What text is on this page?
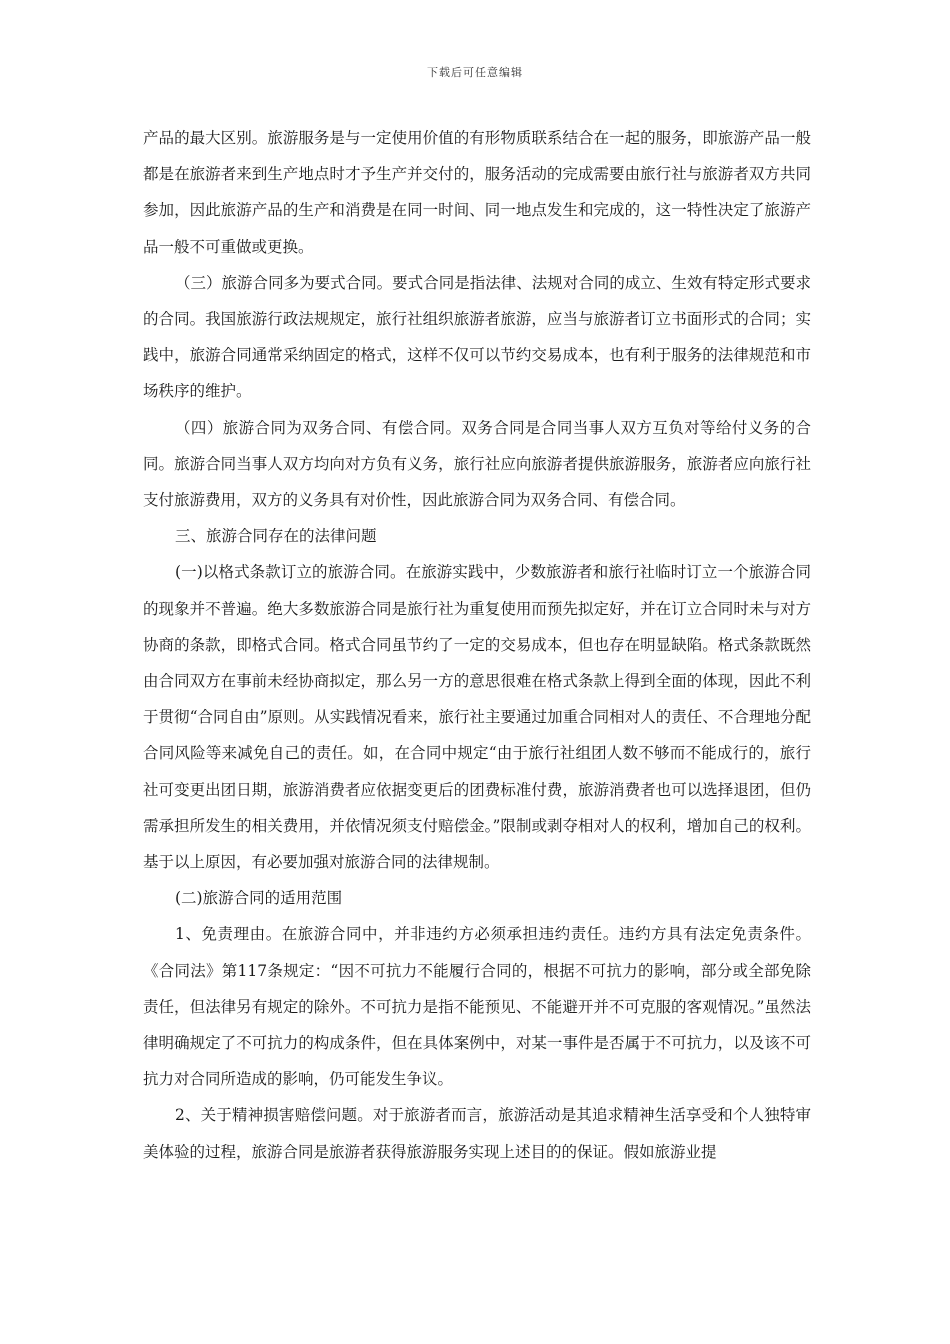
下载后可任意编辑

产品的最大区别。旅游服务是与一定使用价值的有形物质联系结合在一起的服务，即旅游产品一般都是在旅游者来到生产地点时才予生产并交付的，服务活动的完成需要由旅行社与旅游者双方共同参加，因此旅游产品的生产和消费是在同一时间、同一地点发生和完成的，这一特性决定了旅游产品一般不可重做或更换。

（三）旅游合同多为要式合同。要式合同是指法律、法规对合同的成立、生效有特定形式要求的合同。我国旅游行政法规规定，旅行社组织旅游者旅游，应当与旅游者订立书面形式的合同；实践中，旅游合同通常采纳固定的格式，这样不仅可以节约交易成本，也有利于服务的法律规范和市场秩序的维护。

（四）旅游合同为双务合同、有偿合同。双务合同是合同当事人双方互负对等给付义务的合同。旅游合同当事人双方均向对方负有义务，旅行社应向旅游者提供旅游服务，旅游者应向旅行社支付旅游费用，双方的义务具有对价性，因此旅游合同为双务合同、有偿合同。

三、旅游合同存在的法律问题

(一)以格式条款订立的旅游合同。在旅游实践中，少数旅游者和旅行社临时订立一个旅游合同的现象并不普遍。绝大多数旅游合同是旅行社为重复使用而预先拟定好，并在订立合同时未与对方协商的条款，即格式合同。格式合同虽节约了一定的交易成本，但也存在明显缺陷。格式条款既然由合同双方在事前未经协商拟定，那么另一方的意思很难在格式条款上得到全面的体现，因此不利于贯彻“合同自由”原则。从实践情况看来，旅行社主要通过加重合同相对人的责任、不合理地分配合同风险等来减免自己的责任。如，在合同中规定“由于旅行社组团人数不够而不能成行的，旅行社可变更出团日期，旅游消费者应依据变更后的团费标准付费，旅游消费者也可以选择退团，但仍需承担所发生的相关费用，并依情况须支付赔偿金。”限制或剥夺相对人的权利，增加自己的权利。基于以上原因，有必要加强对旅游合同的法律规制。

(二)旅游合同的适用范围

1、免责理由。在旅游合同中，并非违约方必须承担违约责任。违约方具有法定免责条件。《合同法》第117条规定：“因不可抗力不能履行合同的，根据不可抗力的影响，部分或全部免除责任，但法律另有规定的除外。不可抗力是指不能预见、不能避开并不可克服的客观情况。”虽然法律明确规定了不可抗力的构成条件，但在具体案例中，对某一事件是否属于不可抗力，以及该不可抗力对合同所造成的影响，仍可能发生争议。

2、关于精神损害赔偿问题。对于旅游者而言，旅游活动是其追求精神生活享受和个人独特审美体验的过程，旅游合同是旅游者获得旅游服务实现上述目的的保证。假如旅游业提
